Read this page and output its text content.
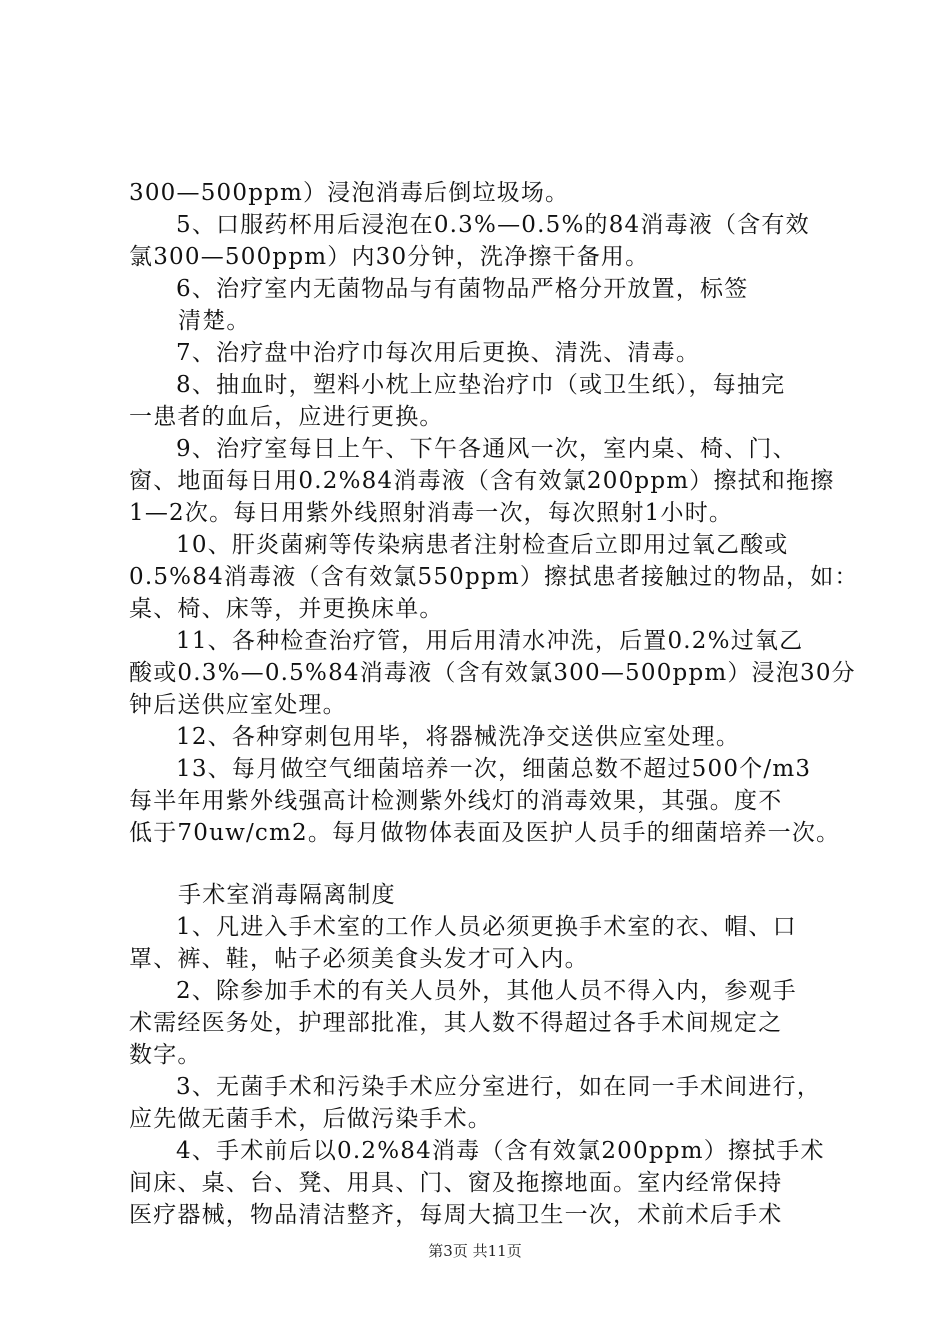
300—500ppm）浸泡消毒后倒垃圾场。
5、口服药杯用后浸泡在0.3%—0.5%的84消毒液（含有效
氯300—500ppm）内30分钟，洗净擦干备用。
6、治疗室内无菌物品与有菌物品严格分开放置，标签
清楚。
7、治疗盘中治疗巾每次用后更换、清洗、清毒。
8、抽血时，塑料小枕上应垫治疗巾（或卫生纸），每抽完
一患者的血后，应进行更换。
9、治疗室每日上午、下午各通风一次，室内桌、椅、门、
窗、地面每日用0.2%84消毒液（含有效氯200ppm）擦拭和拖擦
1—2次。每日用紫外线照射消毒一次，每次照射1小时。
10、肝炎菌痢等传染病患者注射检查后立即用过氧乙酸或
0.5%84消毒液（含有效氯550ppm）擦拭患者接触过的物品，如：
桌、椅、床等，并更换床单。
11、各种检查治疗管，用后用清水冲洗，后置0.2%过氧乙
酸或0.3%—0.5%84消毒液（含有效氯300—500ppm）浸泡30分
钟后送供应室处理。
12、各种穿刺包用毕，将器械洗净交送供应室处理。
13、每月做空气细菌培养一次，细菌总数不超过500个/m3
每半年用紫外线强高计检测紫外线灯的消毒效果，其强。度不
低于70uw/cm2。每月做物体表面及医护人员手的细菌培养一次。
手术室消毒隔离制度
1、凡进入手术室的工作人员必须更换手术室的衣、帽、口
罩、裤、鞋，帖子必须美食头发才可入内。
2、除参加手术的有关人员外，其他人员不得入内，参观手
术需经医务处，护理部批准，其人数不得超过各手术间规定之
数字。
3、无菌手术和污染手术应分室进行，如在同一手术间进行，
应先做无菌手术，后做污染手术。
4、手术前后以0.2%84消毒（含有效氯200ppm）擦拭手术
间床、桌、台、凳、用具、门、窗及拖擦地面。室内经常保持
医疗器械，物品清洁整齐，每周大搞卫生一次，术前术后手术
第3页 共11页
